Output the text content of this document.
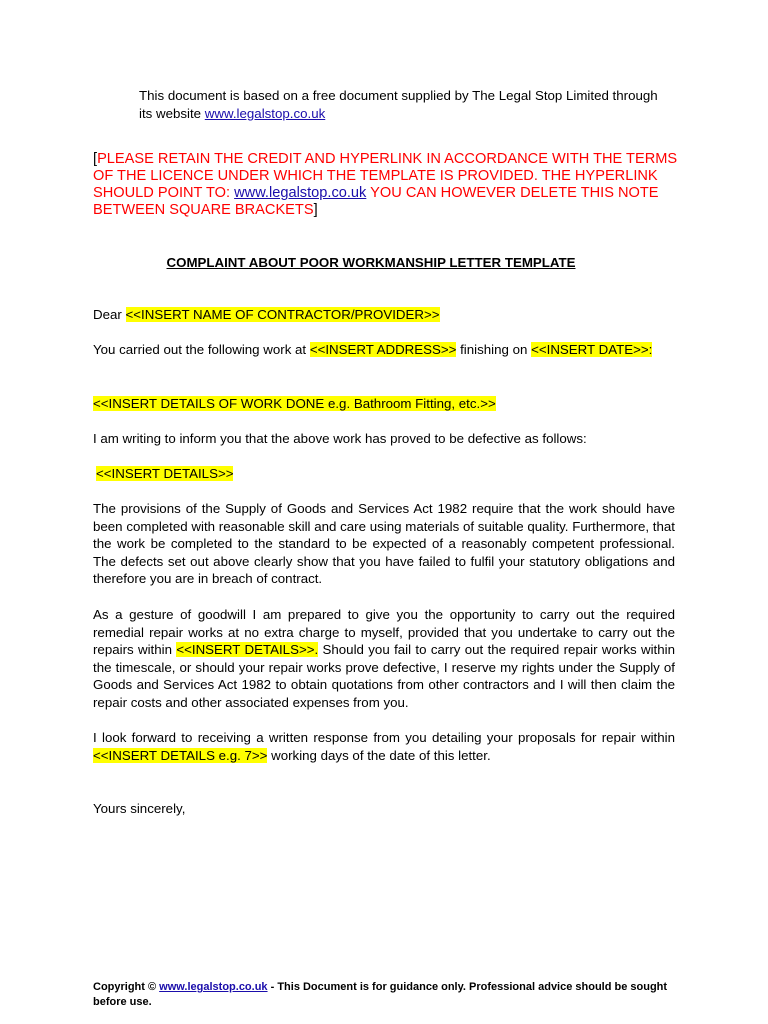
This document is based on a free document supplied by The Legal Stop Limited through its website www.legalstop.co.uk
[PLEASE RETAIN THE CREDIT AND HYPERLINK IN ACCORDANCE WITH THE TERMS OF THE LICENCE UNDER WHICH THE TEMPLATE IS PROVIDED. THE HYPERLINK SHOULD POINT TO: www.legalstop.co.uk YOU CAN HOWEVER DELETE THIS NOTE BETWEEN SQUARE BRACKETS]
COMPLAINT ABOUT POOR WORKMANSHIP LETTER TEMPLATE
Dear <<INSERT NAME OF CONTRACTOR/PROVIDER>>
You carried out the following work at <<INSERT ADDRESS>> finishing on <<INSERT DATE>>:
<<INSERT DETAILS OF WORK DONE e.g. Bathroom Fitting, etc.>>
I am writing to inform you that the above work has proved to be defective as follows:
<<INSERT DETAILS>>
The provisions of the Supply of Goods and Services Act 1982 require that the work should have been completed with reasonable skill and care using materials of suitable quality. Furthermore, that the work be completed to the standard to be expected of a reasonably competent professional. The defects set out above clearly show that you have failed to fulfil your statutory obligations and therefore you are in breach of contract.
As a gesture of goodwill I am prepared to give you the opportunity to carry out the required remedial repair works at no extra charge to myself, provided that you undertake to carry out the repairs within <<INSERT DETAILS>>. Should you fail to carry out the required repair works within the timescale, or should your repair works prove defective, I reserve my rights under the Supply of Goods and Services Act 1982 to obtain quotations from other contractors and I will then claim the repair costs and other associated expenses from you.
I look forward to receiving a written response from you detailing your proposals for repair within <<INSERT DETAILS e.g. 7>> working days of the date of this letter.
Yours sincerely,
Copyright © www.legalstop.co.uk - This Document is for guidance only. Professional advice should be sought before use.
